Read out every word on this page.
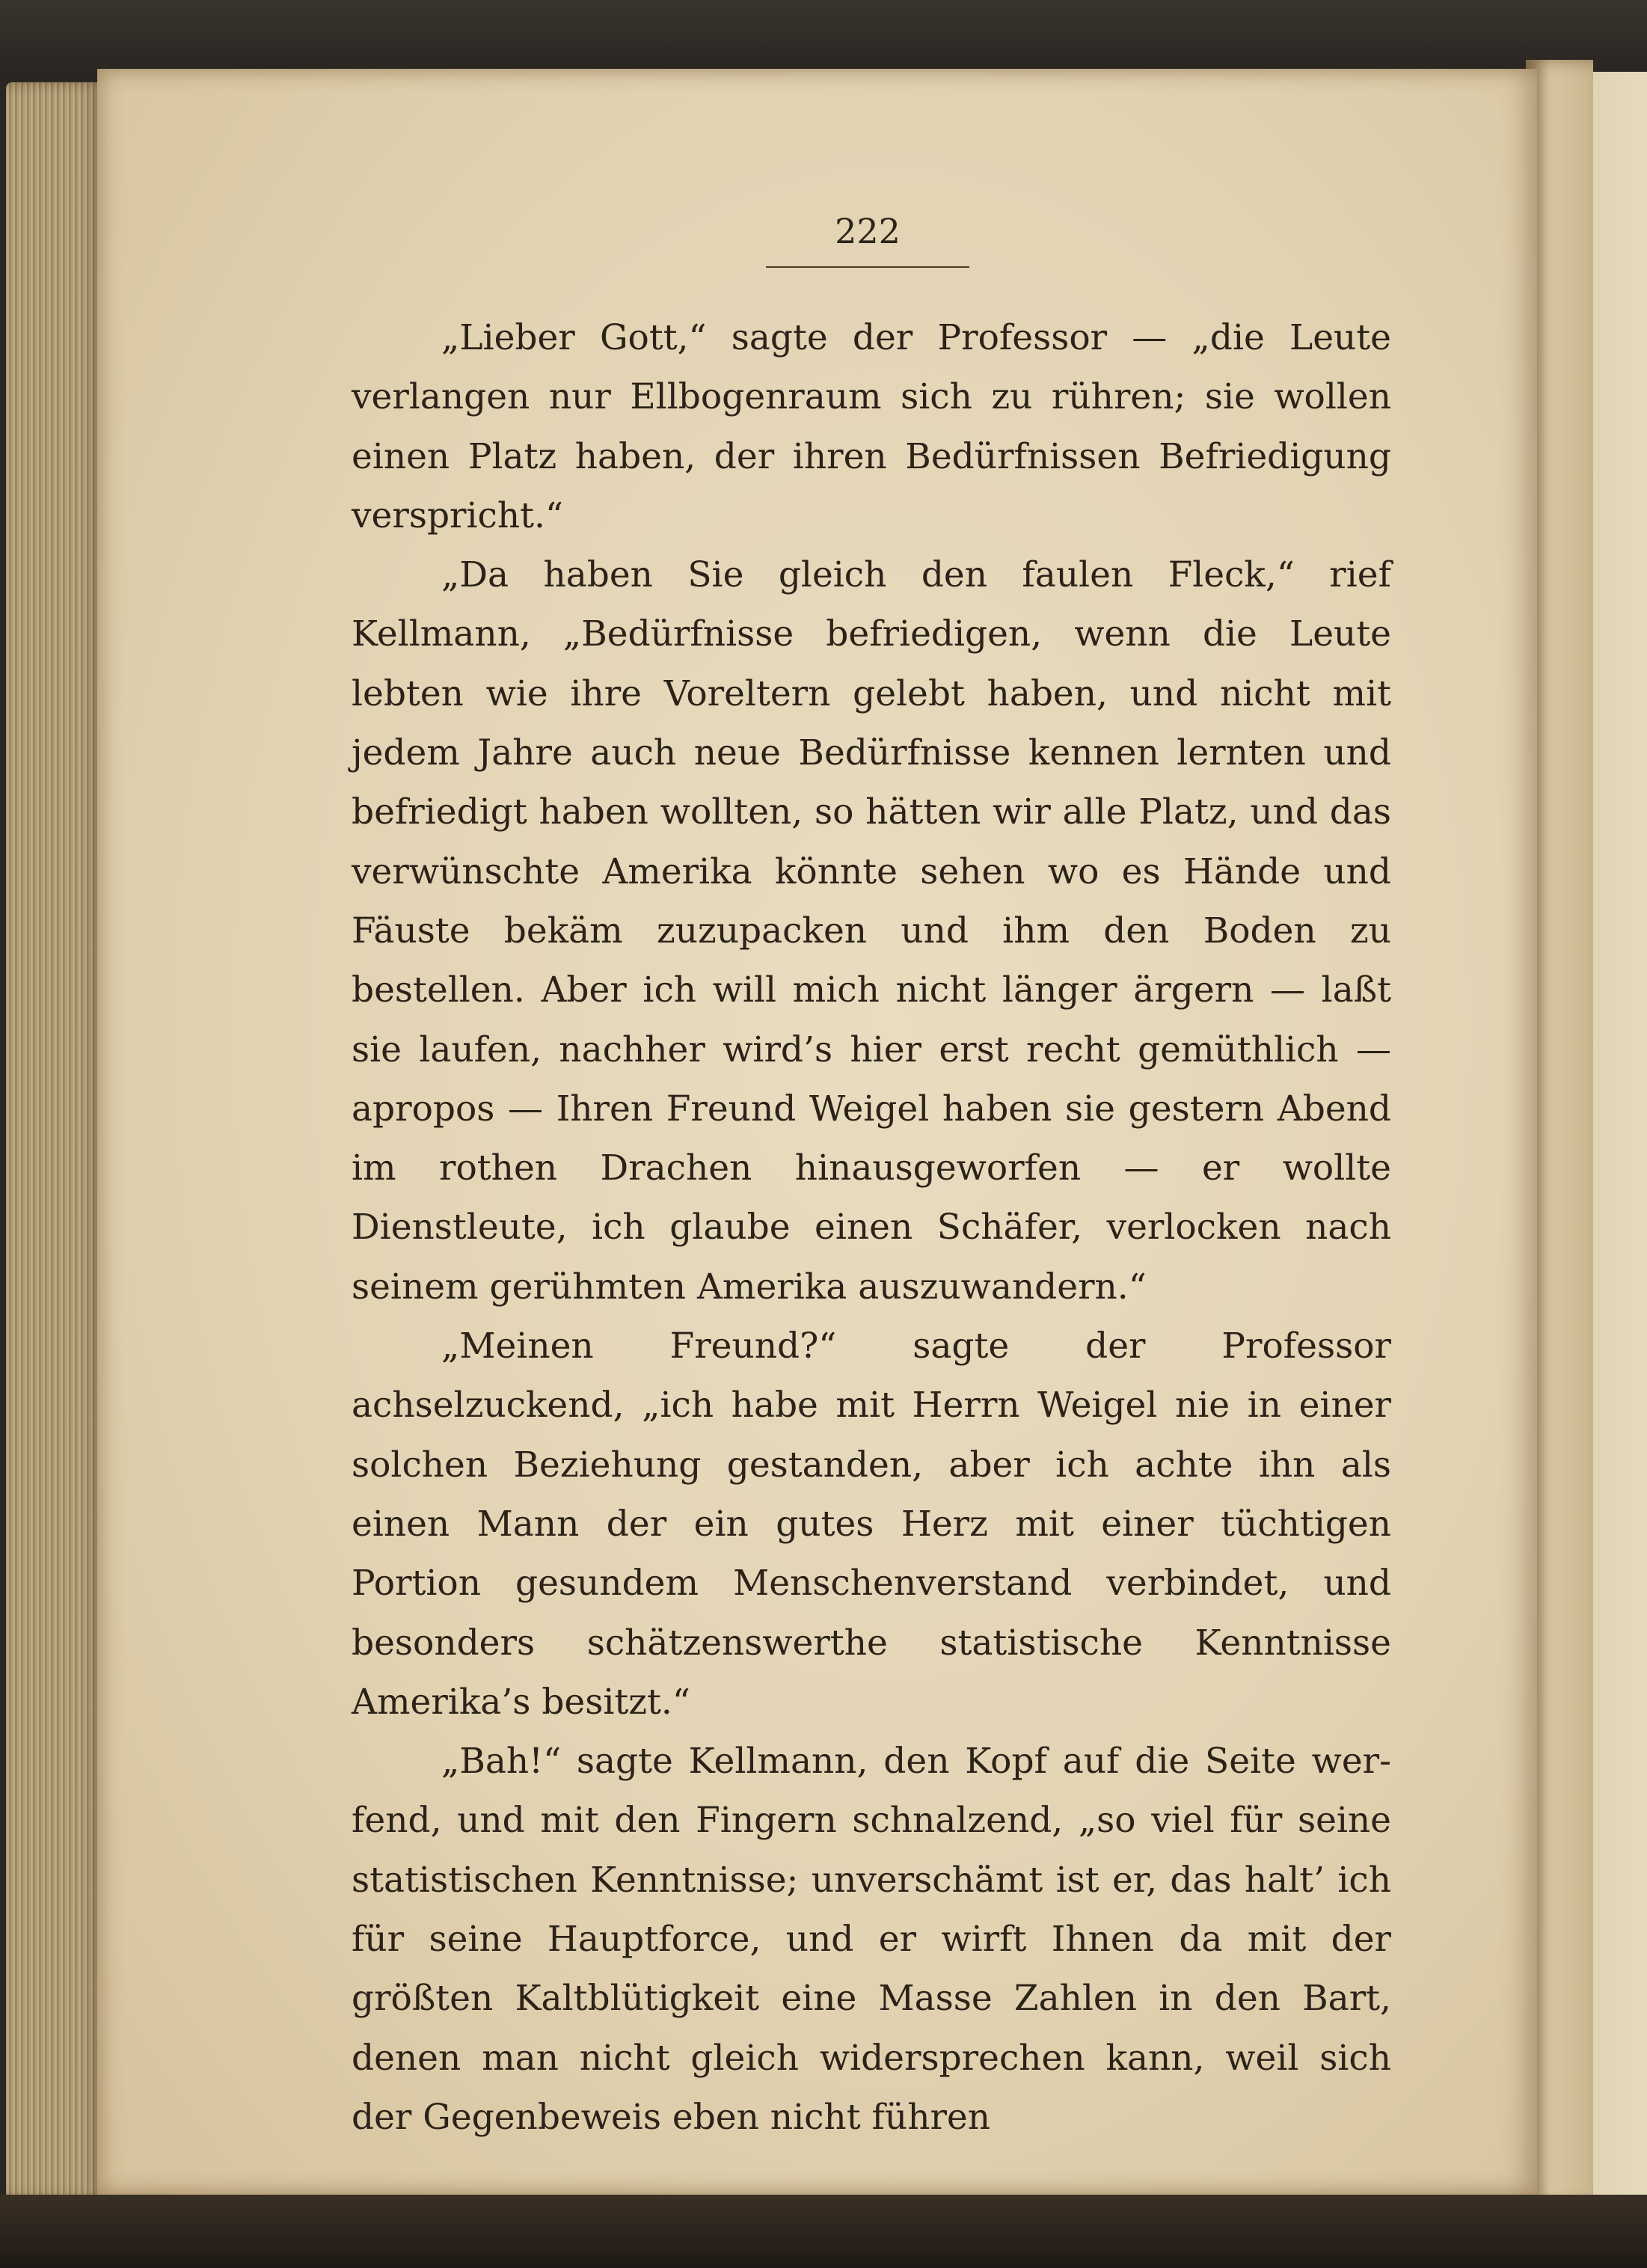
222

„Lieber Gott,“ sagte der Professor — „die Leute verlangen nur Ellbogenraum sich zu rühren; sie wollen einen Platz haben, der ihren Bedürfnissen Befriedigung verspricht.“

„Da haben Sie gleich den faulen Fleck,“ rief Kellmann, „Bedürfnisse befriedigen, wenn die Leute lebten wie ihre Voreltern gelebt haben, und nicht mit jedem Jahre auch neue Bedürfnisse kennen lernten und befriedigt haben wollten, so hätten wir alle Platz, und das verwünschte Amerika könnte sehen wo es Hände und Fäuste bekäm zuzupacken und ihm den Boden zu bestellen. Aber ich will mich nicht länger ärgern — laßt sie laufen, nachher wird’s hier erst recht gemüthlich — apropos — Ihren Freund Weigel haben sie gestern Abend im rothen Drachen hinausgeworfen — er wollte Dienstleute, ich glaube einen Schäfer, verlocken nach seinem gerühmten Amerika auszuwandern.“

„Meinen Freund?“ sagte der Professor achselzuckend, „ich habe mit Herrn Weigel nie in einer solchen Beziehung gestanden, aber ich achte ihn als einen Mann der ein gutes Herz mit einer tüchtigen Portion gesundem Menschenverstand verbindet, und besonders schätzenswerthe statistische Kenntnisse Amerika’s besitzt.“

„Bah!“ sagte Kellmann, den Kopf auf die Seite werfend, und mit den Fingern schnalzend, „so viel für seine statistischen Kenntnisse; unverschämt ist er, das halt’ ich für seine Hauptforce, und er wirft Ihnen da mit der größten Kaltblütigkeit eine Masse Zahlen in den Bart, denen man nicht gleich widersprechen kann, weil sich der Gegenbeweis eben nicht führen
